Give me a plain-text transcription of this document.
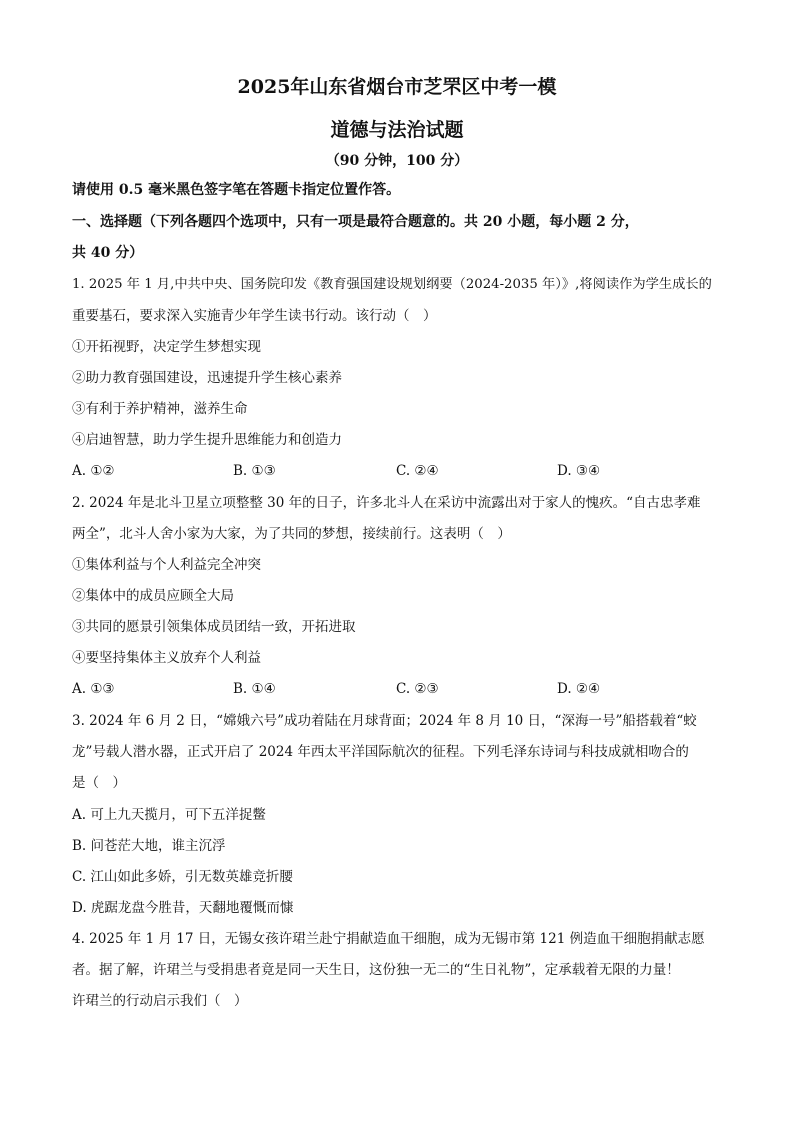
2025年山东省烟台市芝罘区中考一模
道德与法治试题
（90 分钟，100 分）
请使用 0.5 毫米黑色签字笔在答题卡指定位置作答。
一、选择题（下列各题四个选项中，只有一项是最符合题意的。共 20 小题，每小题 2 分，
共 40 分）
1. 2025 年 1 月,中共中央、国务院印发《教育强国建设规划纲要（2024-2035 年）》,将阅读作为学生成长的
重要基石，要求深入实施青少年学生读书行动。该行动（　）
①开拓视野，决定学生梦想实现
②助力教育强国建设，迅速提升学生核心素养
③有利于养护精神，滋养生命
④启迪智慧，助力学生提升思维能力和创造力
A. ①②	B. ①③	C. ②④	D. ③④
2. 2024 年是北斗卫星立项整整 30 年的日子，许多北斗人在采访中流露出对于家人的愧疚。“自古忠孝难
两全”，北斗人舍小家为大家，为了共同的梦想，接续前行。这表明（　）
①集体利益与个人利益完全冲突
②集体中的成员应顾全大局
③共同的愿景引领集体成员团结一致，开拓进取
④要坚持集体主义放弃个人利益
A. ①③	B. ①④	C. ②③	D. ②④
3. 2024 年 6 月 2 日，“嫦娥六号”成功着陆在月球背面；2024 年 8 月 10 日，“深海一号”船搭载着“蛟
龙”号载人潜水器，正式开启了 2024 年西太平洋国际航次的征程。下列毛泽东诗词与科技成就相吻合的
是（　）
A. 可上九天揽月，可下五洋捉鳖
B. 问苍茫大地，谁主沉浮
C. 江山如此多娇，引无数英雄竞折腰
D. 虎踞龙盘今胜昔，天翻地覆慨而慷
4. 2025 年 1 月 17 日，无锡女孩许珺兰赴宁捐献造血干细胞，成为无锡市第 121 例造血干细胞捐献志愿
者。据了解，许珺兰与受捐患者竟是同一天生日，这份独一无二的“生日礼物”，定承载着无限的力量！
许珺兰的行动启示我们（　）
